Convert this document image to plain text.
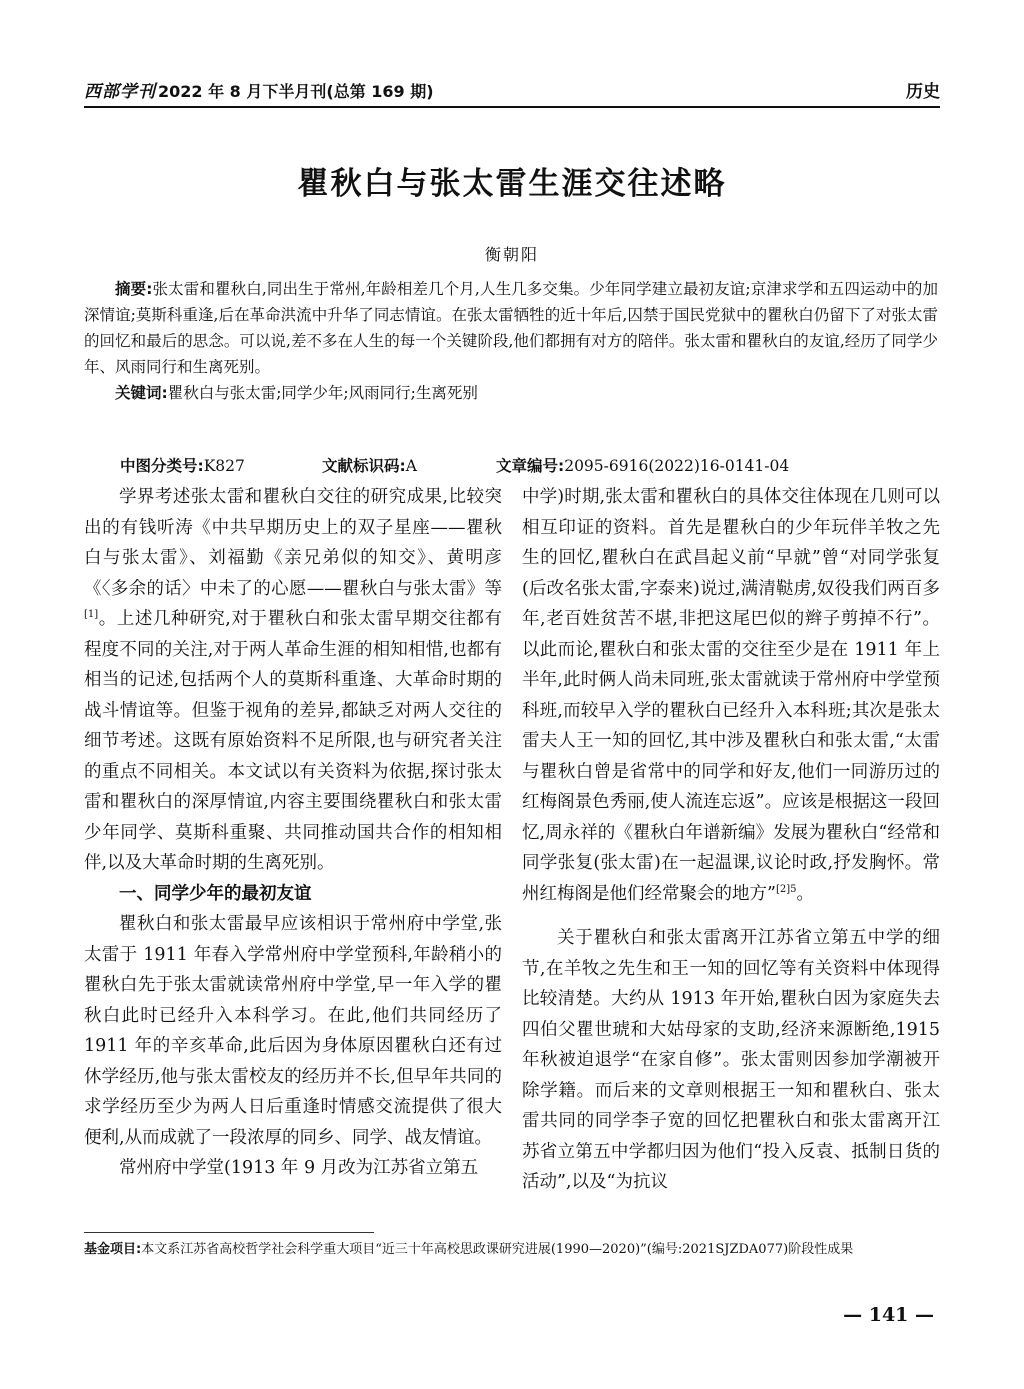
西部学刊 2022 年 8 月下半月刊(总第 169 期)	历史
瞿秋白与张太雷生涯交往述略
衡朝阳

摘要:张太雷和瞿秋白,同出生于常州,年龄相差几个月,人生几多交集。少年同学建立最初友谊;京津求学和五四运动中的加深情谊;莫斯科重逢,后在革命洪流中升华了同志情谊。在张太雷牺牲的近十年后,囚禁于国民党狱中的瞿秋白仍留下了对张太雷的回忆和最后的思念。可以说,差不多在人生的每一个关键阶段,他们都拥有对方的陪伴。张太雷和瞿秋白的友谊,经历了同学少年、风雨同行和生离死别。

关键词:瞿秋白与张太雷;同学少年;风雨同行;生离死别

中图分类号:K827	文献标识码:A	文章编号:2095-6916(2022)16-0141-04

学界考述张太雷和瞿秋白交往的研究成果,比较突出的有钱听涛《中共早期历史上的双子星座——瞿秋白与张太雷》、刘福勤《亲兄弟似的知交》、黄明彦《〈多余的话〉中未了的心愿——瞿秋白与张太雷》等[1]。上述几种研究,对于瞿秋白和张太雷早期交往都有程度不同的关注,对于两人革命生涯的相知相惜,也都有相当的记述,包括两个人的莫斯科重逢、大革命时期的战斗情谊等。但鉴于视角的差异,都缺乏对两人交往的细节考述。这既有原始资料不足所限,也与研究者关注的重点不同相关。本文试以有关资料为依据,探讨张太雷和瞿秋白的深厚情谊,内容主要围绕瞿秋白和张太雷少年同学、莫斯科重聚、共同推动国共合作的相知相伴,以及大革命时期的生离死别。

一、同学少年的最初友谊

瞿秋白和张太雷最早应该相识于常州府中学堂,张太雷于 1911 年春入学常州府中学堂预科,年龄稍小的瞿秋白先于张太雷就读常州府中学堂,早一年入学的瞿秋白此时已经升入本科学习。在此,他们共同经历了 1911 年的辛亥革命,此后因为身体原因瞿秋白还有过休学经历,他与张太雷校友的经历并不长,但早年共同的求学经历至少为两人日后重逢时情感交流提供了很大便利,从而成就了一段浓厚的同乡、同学、战友情谊。

常州府中学堂(1913 年 9 月改为江苏省立第五

中学)时期,张太雷和瞿秋白的具体交往体现在几则可以相互印证的资料。首先是瞿秋白的少年玩伴羊牧之先生的回忆,瞿秋白在武昌起义前“早就”曾“对同学张复(后改名张太雷,字泰来)说过,满清鞑虏,奴役我们两百多年,老百姓贫苦不堪,非把这尾巴似的辫子剪掉不行”。以此而论,瞿秋白和张太雷的交往至少是在 1911 年上半年,此时俩人尚未同班,张太雷就读于常州府中学堂预科班,而较早入学的瞿秋白已经升入本科班;其次是张太雷夫人王一知的回忆,其中涉及瞿秋白和张太雷,“太雷与瞿秋白曾是省常中的同学和好友,他们一同游历过的红梅阁景色秀丽,使人流连忘返”。应该是根据这一段回忆,周永祥的《瞿秋白年谱新编》发展为瞿秋白“经常和同学张复(张太雷)在一起温课,议论时政,抒发胸怀。常州红梅阁是他们经常聚会的地方”$^{[2]5}$。

关于瞿秋白和张太雷离开江苏省立第五中学的细节,在羊牧之先生和王一知的回忆等有关资料中体现得比较清楚。大约从 1913 年开始,瞿秋白因为家庭失去四伯父瞿世琥和大姑母家的支助,经济来源断绝,1915 年秋被迫退学“在家自修”。张太雷则因参加学潮被开除学籍。而后来的文章则根据王一知和瞿秋白、张太雷共同的同学李子宽的回忆把瞿秋白和张太雷离开江苏省立第五中学都归因为他们“投入反袁、抵制日货的活动”,以及“为抗议

基金项目:本文系江苏省高校哲学社会科学重大项目“近三十年高校思政课研究进展(1990—2020)”(编号:2021SJZDA077)阶段性成果
— 141 —
